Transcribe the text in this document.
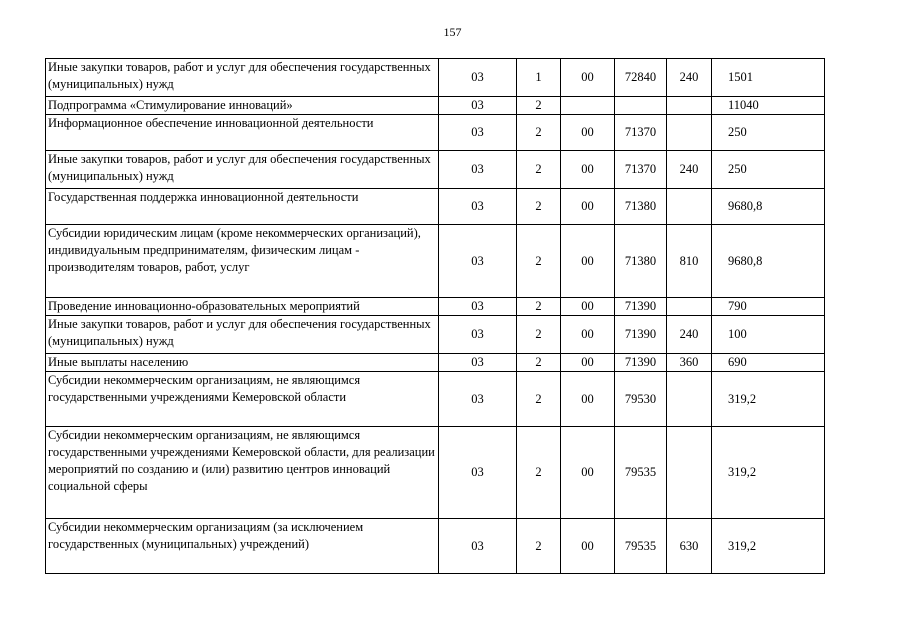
157
Иные закупки товаров, работ и услуг для обеспечения государственных (муниципальных) нужд	03	1	00	72840	240	1501
Подпрограмма «Стимулирование инноваций»	03	2				11040
Информационное обеспечение инновационной деятельности	03	2	00	71370		250
Иные закупки товаров, работ и услуг для обеспечения государственных (муниципальных) нужд	03	2	00	71370	240	250
Государственная поддержка инновационной деятельности	03	2	00	71380		9680,8
Субсидии юридическим лицам (кроме некоммерческих организаций), индивидуальным предпринимателям, физическим лицам - производителям товаров, работ, услуг	03	2	00	71380	810	9680,8
Проведение инновационно-образовательных мероприятий	03	2	00	71390		790
Иные закупки товаров, работ и услуг для обеспечения государственных (муниципальных) нужд	03	2	00	71390	240	100
Иные выплаты населению	03	2	00	71390	360	690
Субсидии некоммерческим организациям, не являющимся государственными учреждениями Кемеровской области	03	2	00	79530		319,2
Субсидии некоммерческим организациям, не являющимся государственными учреждениями Кемеровской области, для реализации мероприятий по созданию и (или) развитию центров инноваций социальной сферы	03	2	00	79535		319,2
Субсидии некоммерческим организациям (за исключением государственных (муниципальных) учреждений)	03	2	00	79535	630	319,2
